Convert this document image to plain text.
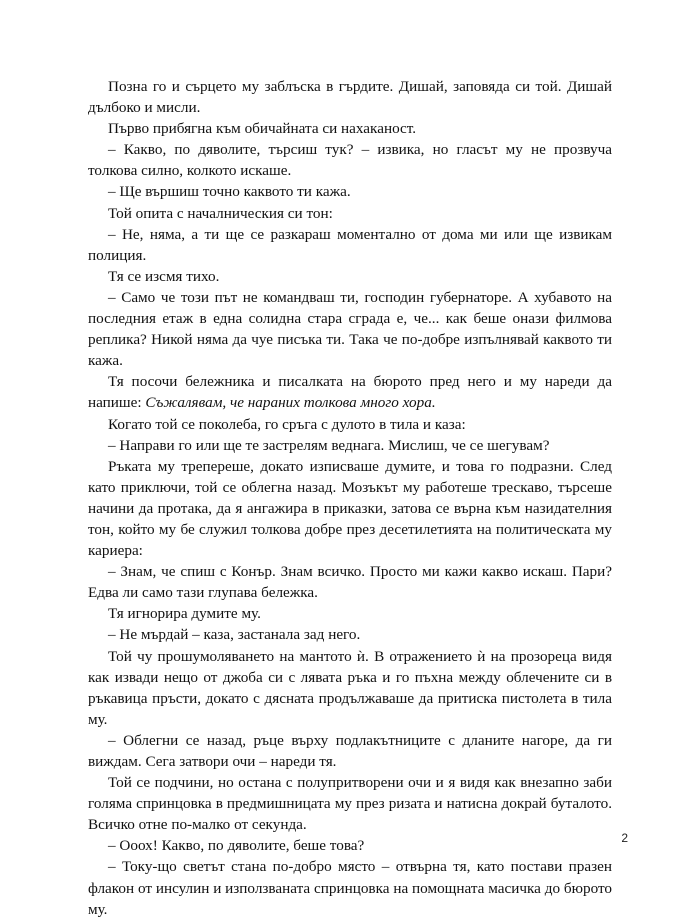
Позна го и сърцето му заблъска в гърдите. Дишай, заповяда си той. Дишай дълбоко и мисли.

Първо прибягна към обичайната си нахаканост.

– Какво, по дяволите, търсиш тук? – извика, но гласът му не прозвуча толкова силно, колкото искаше.

– Ще вършиш точно каквото ти кажа.

Той опита с началническия си тон:

– Не, няма, а ти ще се разкараш моментално от дома ми или ще извикам полиция.

Тя се изсмя тихо.

– Само че този път не командваш ти, господин губернаторе. А хубавото на последния етаж в една солидна стара сграда е, че... как беше онази филмова реплика? Никой няма да чуе писъка ти. Така че по-добре изпълнявай каквото ти кажа.

Тя посочи бележника и писалката на бюрото пред него и му нареди да напише: Съжалявам, че нараних толкова много хора.

Когато той се поколеба, го сръга с дулото в тила и каза:

– Направи го или ще те застрелям веднага. Мислиш, че се шегувам?

Ръката му трепереше, докато изписваше думите, и това го подразни. След като приключи, той се облегна назад. Мозъкът му работеше трескаво, търсеше начини да протака, да я ангажира в приказки, затова се върна към назидателния тон, който му бе служил толкова добре през десетилетията на политическата му кариера:

– Знам, че спиш с Конър. Знам всичко. Просто ми кажи какво искаш. Пари? Едва ли само тази глупава бележка.

Тя игнорира думите му.

– Не мърдай – каза, застанала зад него.

Той чу прошумоляването на мантото ѝ. В отражението ѝ на прозореца видя как извади нещо от джоба си с лявата ръка и го пъхна между облечените си в ръкавица пръсти, докато с дясната продължаваше да притиска пистолета в тила му.

– Облегни се назад, ръце върху подлакътниците с дланите нагоре, да ги виждам. Сега затвори очи – нареди тя.

Той се подчини, но остана с полупритворени очи и я видя как внезапно заби голяма спринцовка в предмишницата му през ризата и натисна докрай буталото. Всичко отне по-малко от секунда.

– Ооох! Какво, по дяволите, беше това?

– Току-що светът стана по-добро място – отвърна тя, като постави празен флакон от инсулин и използваната спринцовка на помощната масичка до бюрото му.

2
